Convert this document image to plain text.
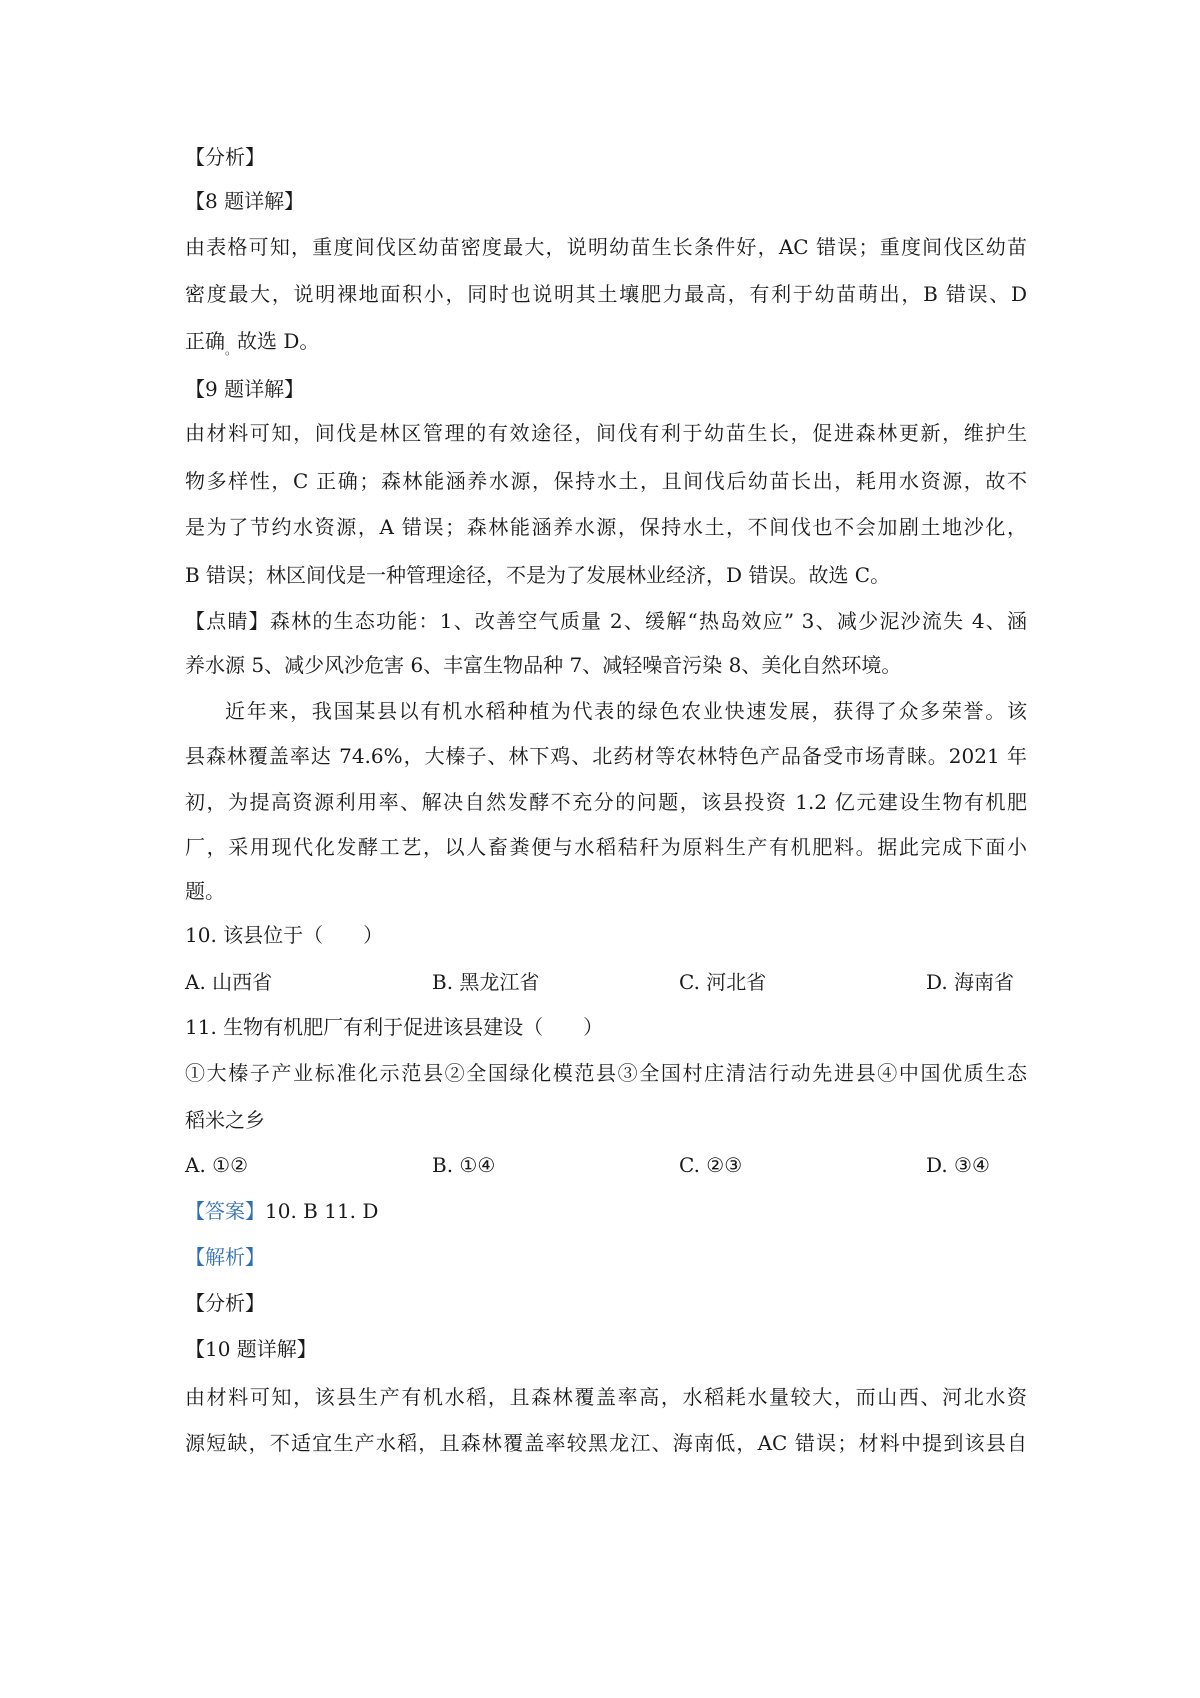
【分析】
【8 题详解】
由表格可知，重度间伐区幼苗密度最大，说明幼苗生长条件好，AC 错误；重度间伐区幼苗
密度最大，说明裸地面积小，同时也说明其土壤肥力最高，有利于幼苗萌出，B 错误、D
正确$_。$故选 D。
【9 题详解】
由材料可知，间伐是林区管理的有效途径，间伐有利于幼苗生长，促进森林更新，维护生
物多样性，C 正确；森林能涵养水源，保持水土，且间伐后幼苗长出，耗用水资源，故不
是为了节约水资源，A 错误；森林能涵养水源，保持水土，不间伐也不会加剧土地沙化，
B 错误；林区间伐是一种管理途径，不是为了发展林业经济，D 错误。故选 C。
【点睛】森林的生态功能：1、改善空气质量 2、缓解“热岛效应” 3、减少泥沙流失 4、涵
养水源 5、减少风沙危害 6、丰富生物品种 7、减轻噪音污染 8、美化自然环境。
近年来，我国某县以有机水稻种植为代表的绿色农业快速发展，获得了众多荣誉。该
县森林覆盖率达 74.6%，大榛子、林下鸡、北药材等农林特色产品备受市场青睐。2021 年
初，为提高资源利用率、解决自然发酵不充分的问题，该县投资 1.2 亿元建设生物有机肥
厂，采用现代化发酵工艺，以人畜粪便与水稻秸秆为原料生产有机肥料。据此完成下面小
题。
10. 该县位于（　　）
A. 山西省	B. 黑龙江省	C. 河北省	D. 海南省
11. 生物有机肥厂有利于促进该县建设（　　）
①大榛子产业标准化示范县②全国绿化模范县③全国村庄清洁行动先进县④中国优质生态
稻米之乡
A. ①②	B. ①④	C. ②③	D. ③④
【答案】10. B 11. D
【解析】
【分析】
【10 题详解】
由材料可知，该县生产有机水稻，且森林覆盖率高，水稻耗水量较大，而山西、河北水资
源短缺，不适宜生产水稻，且森林覆盖率较黑龙江、海南低，AC 错误；材料中提到该县自
